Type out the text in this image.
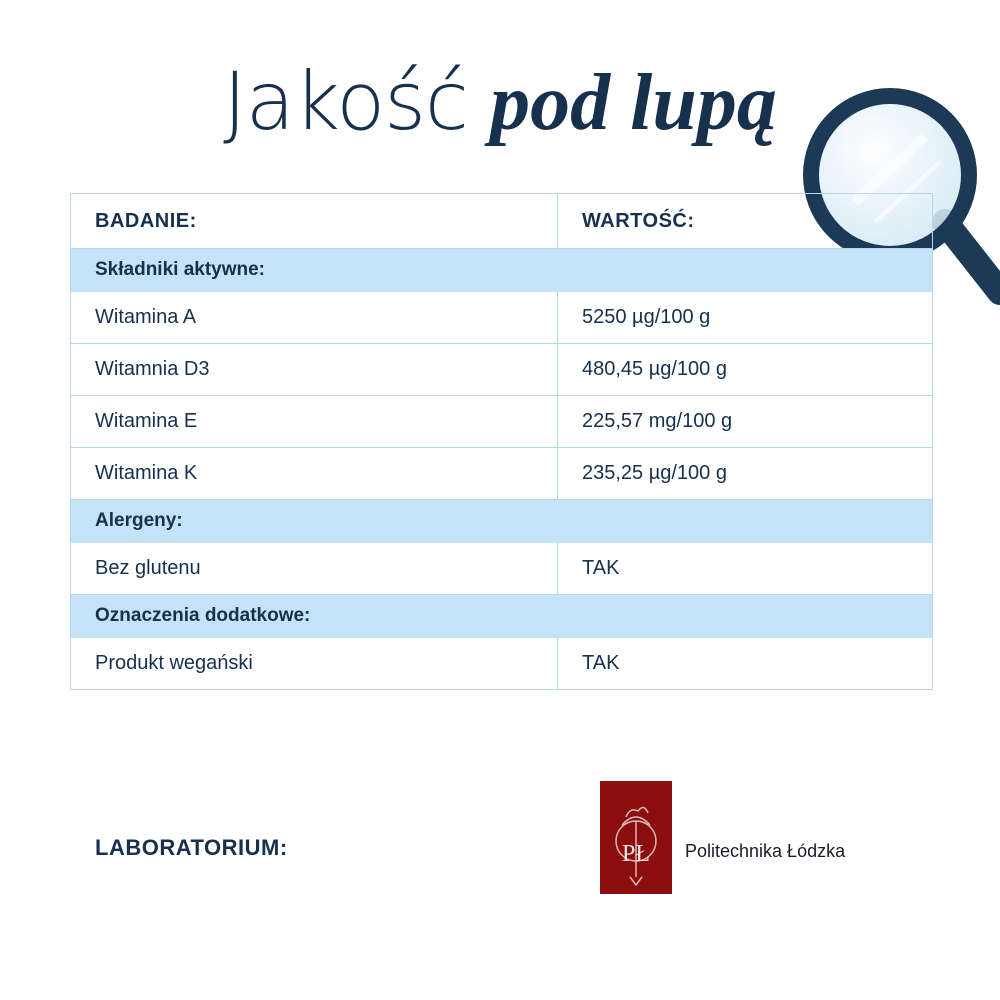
Jakość pod lupą
BADANIE:	WARTOŚĆ:
Składniki aktywne:	
Witamina A	5250 µg/100 g
Witamnia D3	480,45 µg/100 g
Witamina E	225,57 mg/100 g
Witamina K	235,25 µg/100 g
Alergeny:	
Bez glutenu	TAK
Oznaczenia dodatkowe:	
Produkt wegański	TAK
LABORATORIUM:	PŁ Politechnika Łódzka
